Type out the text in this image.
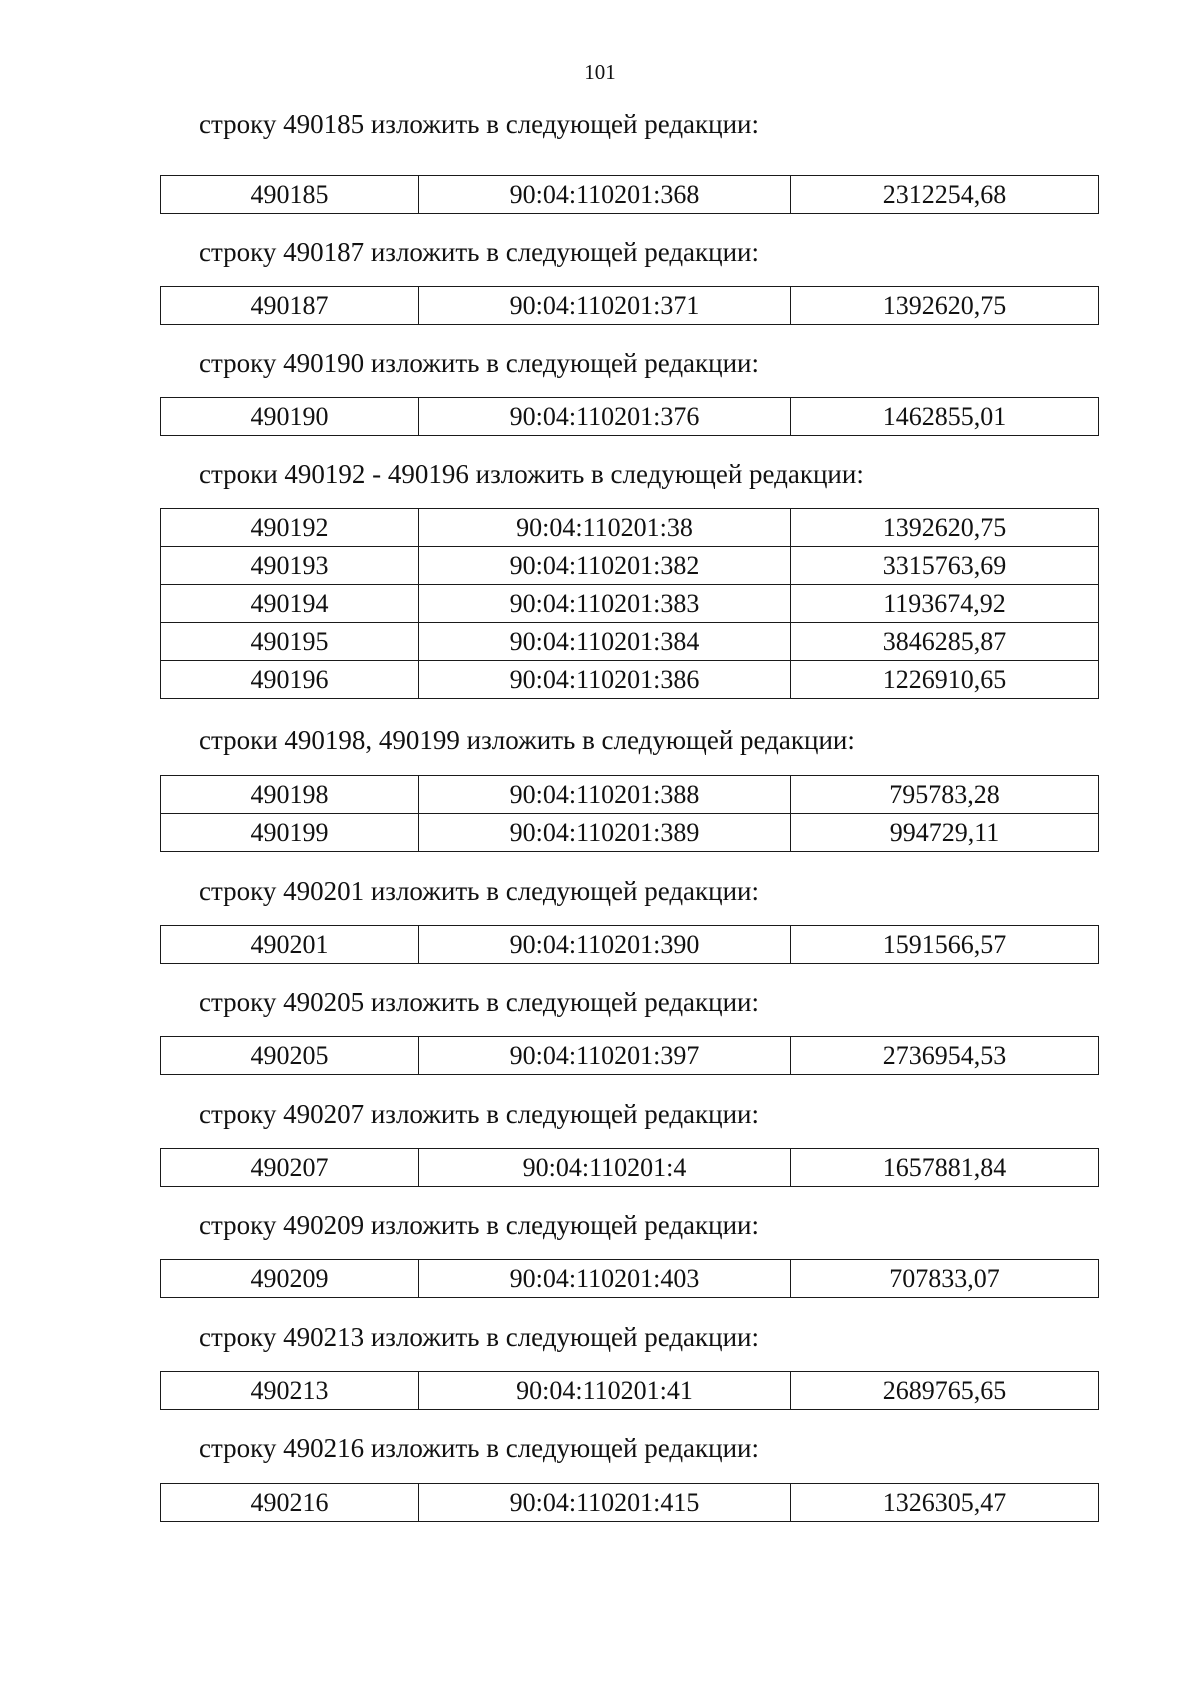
101
строку 490185 изложить в следующей редакции:
490185	90:04:110201:368	2312254,68
строку 490187 изложить в следующей редакции:
490187	90:04:110201:371	1392620,75
строку 490190 изложить в следующей редакции:
490190	90:04:110201:376	1462855,01
строки 490192 - 490196 изложить в следующей редакции:
490192	90:04:110201:38	1392620,75
490193	90:04:110201:382	3315763,69
490194	90:04:110201:383	1193674,92
490195	90:04:110201:384	3846285,87
490196	90:04:110201:386	1226910,65
строки 490198, 490199 изложить в следующей редакции:
490198	90:04:110201:388	795783,28
490199	90:04:110201:389	994729,11
строку 490201 изложить в следующей редакции:
490201	90:04:110201:390	1591566,57
строку 490205 изложить в следующей редакции:
490205	90:04:110201:397	2736954,53
строку 490207 изложить в следующей редакции:
490207	90:04:110201:4	1657881,84
строку 490209 изложить в следующей редакции:
490209	90:04:110201:403	707833,07
строку 490213 изложить в следующей редакции:
490213	90:04:110201:41	2689765,65
строку 490216 изложить в следующей редакции:
490216	90:04:110201:415	1326305,47
